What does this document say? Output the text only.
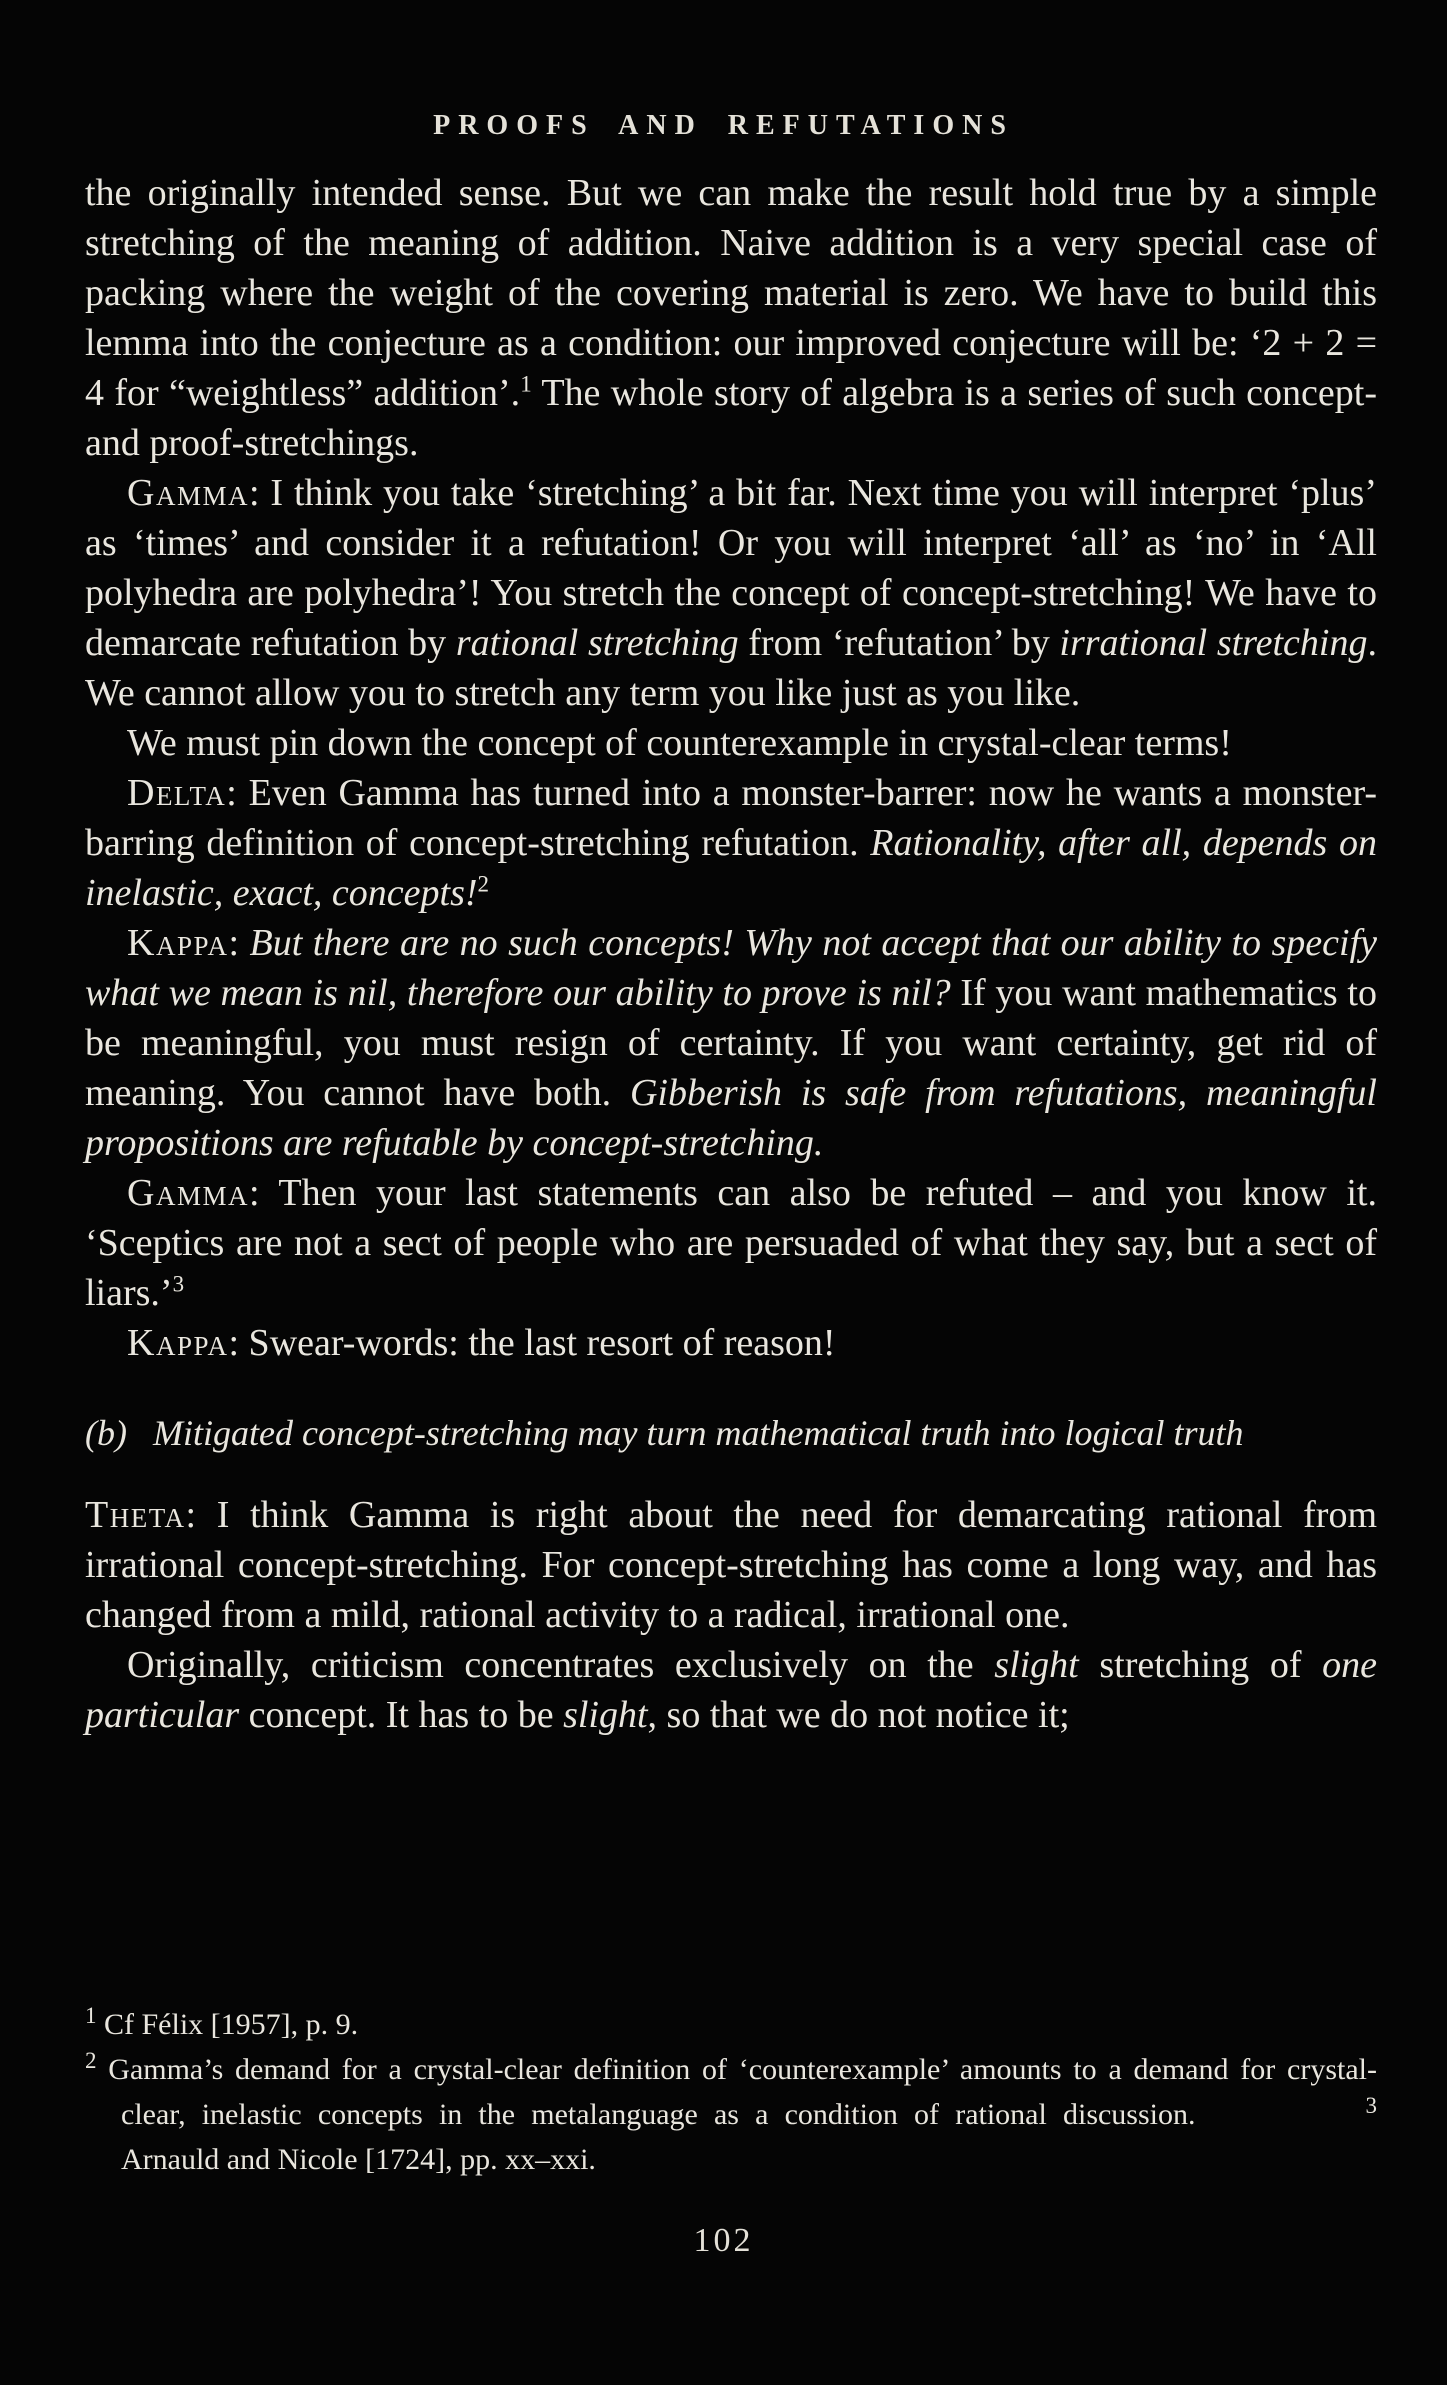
PROOFS AND REFUTATIONS

the originally intended sense. But we can make the result hold true by a simple stretching of the meaning of addition. Naive addition is a very special case of packing where the weight of the covering material is zero. We have to build this lemma into the conjecture as a condition: our improved conjecture will be: ‘2 + 2 = 4 for “weightless” addition’.$^1$ The whole story of algebra is a series of such concept- and proof-stretchings.

Gamma: I think you take ‘stretching’ a bit far. Next time you will interpret ‘plus’ as ‘times’ and consider it a refutation! Or you will interpret ‘all’ as ‘no’ in ‘All polyhedra are polyhedra’! You stretch the concept of concept-stretching! We have to demarcate refutation by rational stretching from ‘refutation’ by irrational stretching. We cannot allow you to stretch any term you like just as you like.

We must pin down the concept of counterexample in crystal-clear terms!

Delta: Even Gamma has turned into a monster-barrer: now he wants a monster-barring definition of concept-stretching refutation. Rationality, after all, depends on inelastic, exact, concepts!$^2$

Kappa: But there are no such concepts! Why not accept that our ability to specify what we mean is nil, therefore our ability to prove is nil? If you want mathematics to be meaningful, you must resign of certainty. If you want certainty, get rid of meaning. You cannot have both. Gibberish is safe from refutations, meaningful propositions are refutable by concept-stretching.

Gamma: Then your last statements can also be refuted – and you know it. ‘Sceptics are not a sect of people who are persuaded of what they say, but a sect of liars.’$^3$

Kappa: Swear-words: the last resort of reason!

(b) Mitigated concept-stretching may turn mathematical truth into logical truth

Theta: I think Gamma is right about the need for demarcating rational from irrational concept-stretching. For concept-stretching has come a long way, and has changed from a mild, rational activity to a radical, irrational one.

Originally, criticism concentrates exclusively on the slight stretching of one particular concept. It has to be slight, so that we do not notice it;

$^1$ Cf Félix [1957], p. 9.

$^2$ Gamma’s demand for a crystal-clear definition of ‘counterexample’ amounts to a demand for crystal-clear, inelastic concepts in the metalanguage as a condition of rational discussion.	$^3$ Arnauld and Nicole [1724], pp. xx–xxi.

102
